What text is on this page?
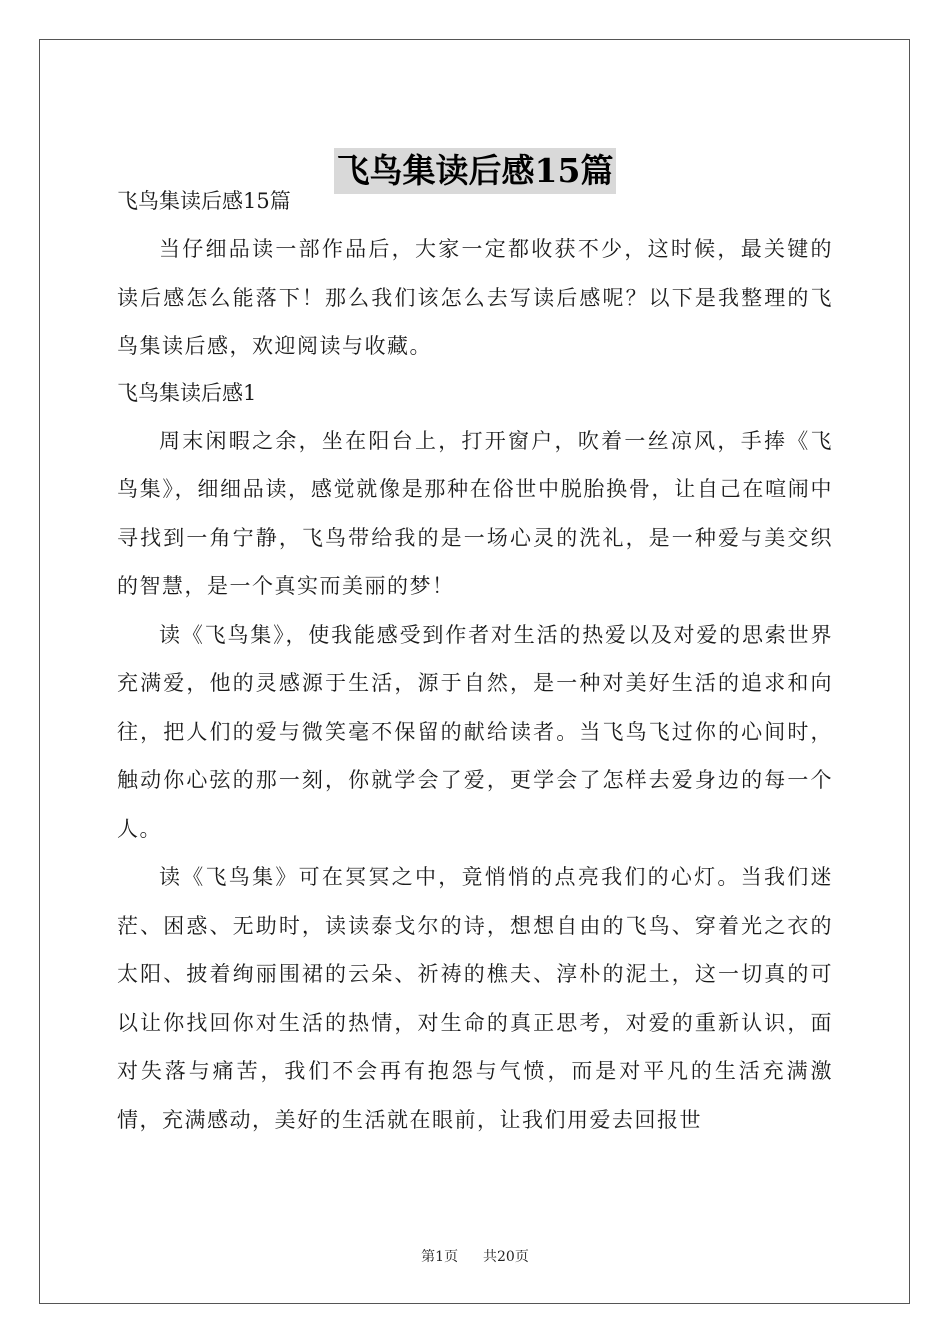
飞鸟集读后感15篇

飞鸟集读后感15篇

当仔细品读一部作品后，大家一定都收获不少，这时候，最关键的读后感怎么能落下！那么我们该怎么去写读后感呢？以下是我整理的飞鸟集读后感，欢迎阅读与收藏。

飞鸟集读后感1

周末闲暇之余，坐在阳台上，打开窗户，吹着一丝凉风，手捧《飞鸟集》，细细品读，感觉就像是那种在俗世中脱胎换骨，让自己在喧闹中寻找到一角宁静，飞鸟带给我的是一场心灵的洗礼，是一种爱与美交织的智慧，是一个真实而美丽的梦！

读《飞鸟集》，使我能感受到作者对生活的热爱以及对爱的思索世界充满爱，他的灵感源于生活，源于自然，是一种对美好生活的追求和向往，把人们的爱与微笑毫不保留的献给读者。当飞鸟飞过你的心间时，触动你心弦的那一刻，你就学会了爱，更学会了怎样去爱身边的每一个人。

读《飞鸟集》可在冥冥之中，竟悄悄的点亮我们的心灯。当我们迷茫、困惑、无助时，读读泰戈尔的诗，想想自由的飞鸟、穿着光之衣的太阳、披着绚丽围裙的云朵、祈祷的樵夫、淳朴的泥土，这一切真的可以让你找回你对生活的热情，对生命的真正思考，对爱的重新认识，面对失落与痛苦，我们不会再有抱怨与气愤，而是对平凡的生活充满激情，充满感动，美好的生活就在眼前，让我们用爱去回报世

第1页 共20页
